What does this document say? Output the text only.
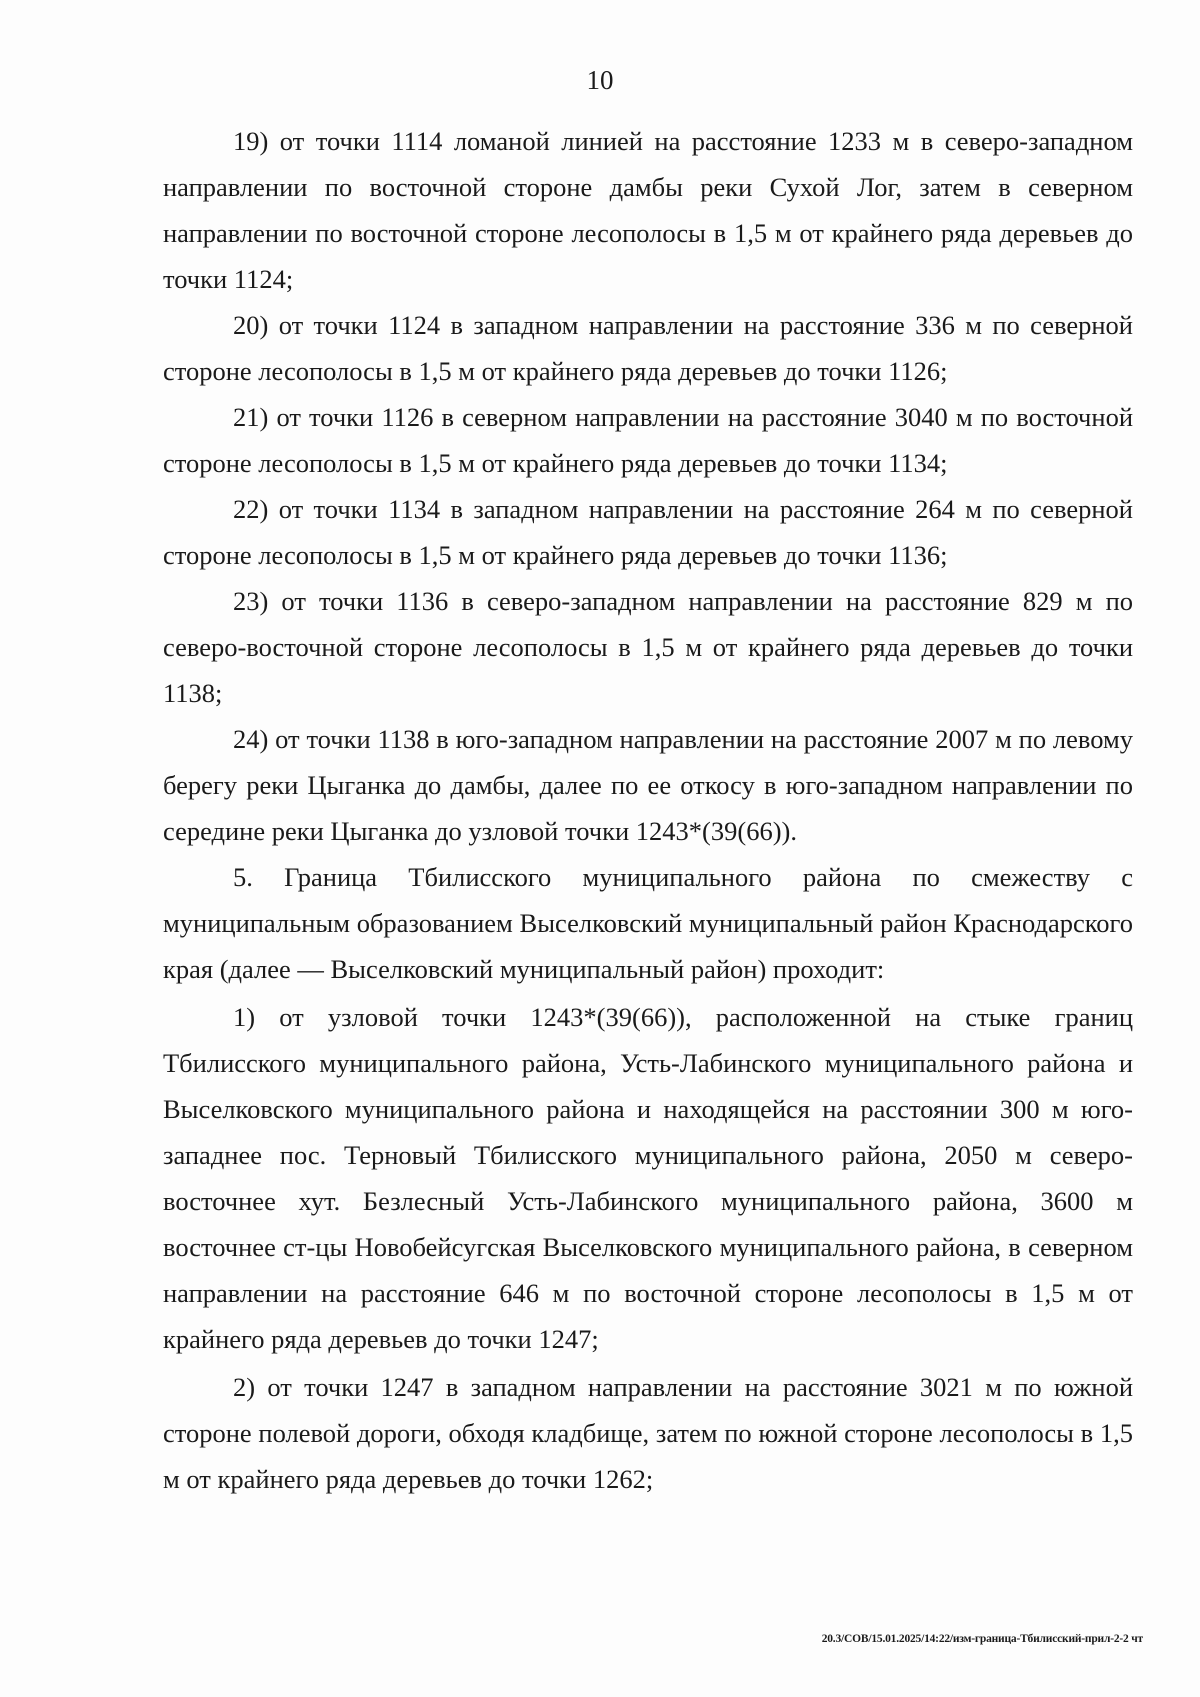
10

19) от точки 1114 ломаной линией на расстояние 1233 м в северо-западном направлении по восточной стороне дамбы реки Сухой Лог, затем в северном направлении по восточной стороне лесополосы в 1,5 м от крайнего ряда деревьев до точки 1124;

20) от точки 1124 в западном направлении на расстояние 336 м по северной стороне лесополосы в 1,5 м от крайнего ряда деревьев до точки 1126;

21) от точки 1126 в северном направлении на расстояние 3040 м по восточной стороне лесополосы в 1,5 м от крайнего ряда деревьев до точки 1134;

22) от точки 1134 в западном направлении на расстояние 264 м по северной стороне лесополосы в 1,5 м от крайнего ряда деревьев до точки 1136;

23) от точки 1136 в северо-западном направлении на расстояние 829 м по северо-восточной стороне лесополосы в 1,5 м от крайнего ряда деревьев до точки 1138;

24) от точки 1138 в юго-западном направлении на расстояние 2007 м по левому берегу реки Цыганка до дамбы, далее по ее откосу в юго-западном направлении по середине реки Цыганка до узловой точки 1243*(39(66)).

5. Граница Тбилисского муниципального района по смежеству с муниципальным образованием Выселковский муниципальный район Краснодарского края (далее — Выселковский муниципальный район) проходит:

1) от узловой точки 1243*(39(66)), расположенной на стыке границ Тбилисского муниципального района, Усть-Лабинского муниципального района и Выселковского муниципального района и находящейся на расстоянии 300 м юго-западнее пос. Терновый Тбилисского муниципального района, 2050 м северо-восточнее хут. Безлесный Усть-Лабинского муниципального района, 3600 м восточнее ст-цы Новобейсугская Выселковского муниципального района, в северном направлении на расстояние 646 м по восточной стороне лесополосы в 1,5 м от крайнего ряда деревьев до точки 1247;

2) от точки 1247 в западном направлении на расстояние 3021 м по южной стороне полевой дороги, обходя кладбище, затем по южной стороне лесополосы в 1,5 м от крайнего ряда деревьев до точки 1262;

20.3/СОВ/15.01.2025/14:22/изм-граница-Тбилисский-прил-2-2 чт
